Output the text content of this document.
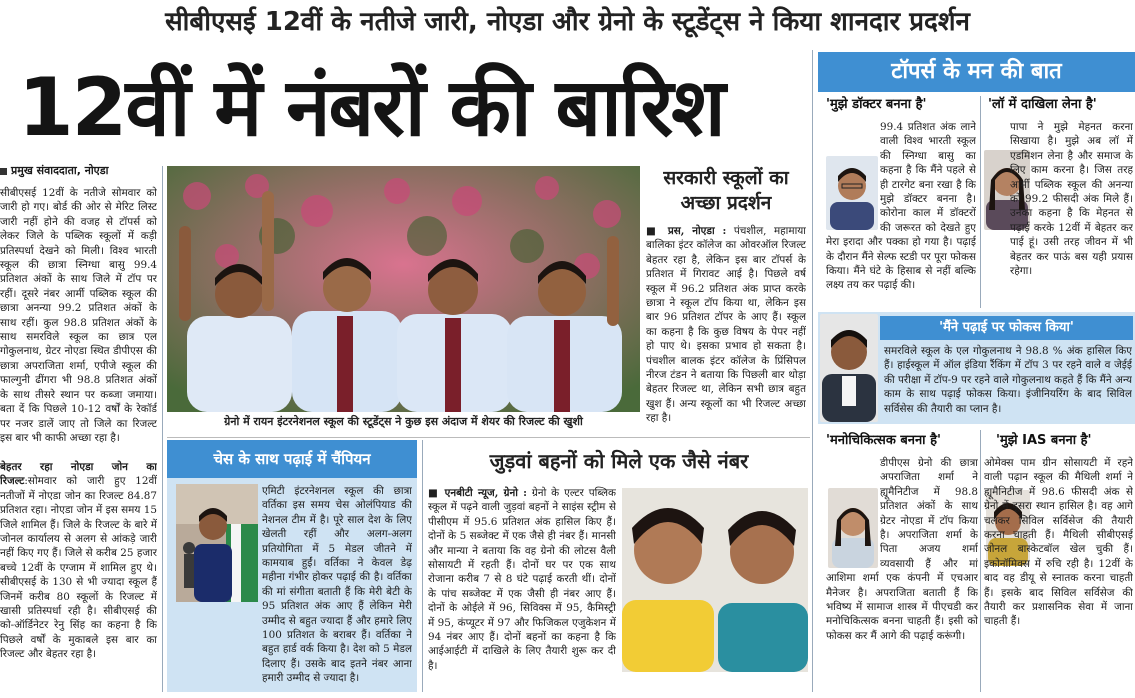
सीबीएसई 12वीं के नतीजे जारी, नोएडा और ग्रेनो के स्टूडेंट्स ने किया शानदार प्रदर्शन
12वीं में नंबरों की बारिश	टॉपर्स के मन की बात
प्रमुख संवाददाता, नोएडा
सीबीएसई 12वीं के नतीजे सोमवार को जारी हो गए। बोर्ड की ओर से मेरिट लिस्ट जारी नहीं होने की वजह से टॉपर्स को लेकर जिले के पब्लिक स्कूलों में कड़ी प्रतिस्पर्धा देखने को मिली। विश्व भारती स्कूल की छात्रा स्निग्धा बासु 99.4 प्रतिशत अंकों के साथ जिले में टॉप पर रहीं। दूसरे नंबर आर्मी पब्लिक स्कूल की छात्रा अनन्या 99.2 प्रतिशत अंकों के साथ रहीं। कुल 98.8 प्रतिशत अंकों के साथ समरविले स्कूल का छात्र एल गोकुलनाथ, ग्रेटर नोएडा स्थित डीपीएस की छात्रा अपराजिता शर्मा, एपीजे स्कूल की फाल्गुनी ढींगरा भी 98.8 प्रतिशत अंकों के साथ तीसरे स्थान पर कब्जा जमाया। बता दें कि पिछले 10-12 वर्षों के रेकॉर्ड पर नजर डालें जाए तो जिले का रिजल्ट इस बार भी काफी अच्छा रहा है।
बेहतर रहा नोएडा जोन का रिजल्ट:सोमवार को जारी हुए 12वीं नतीजों में नोएडा जोन का रिजल्ट 84.87 प्रतिशत रहा। नोएडा जोन में इस समय 15 जिले शामिल हैं। जिले के रिजल्ट के बारे में जोनल कार्यालय से अलग से आंकड़े जारी नहीं किए गए हैं। जिले से करीब 25 हजार बच्चे 12वीं के एग्जाम में शामिल हुए थे। सीबीएसई के 130 से भी ज्यादा स्कूल हैं जिनमें करीब 80 स्कूलों के रिजल्ट में खासी प्रतिस्पर्धा रही है। सीबीएसई की को-ऑर्डिनेटर रेनु सिंह का कहना है कि पिछले वर्षों के मुकाबले इस बार का रिजल्ट और बेहतर रहा है।
ग्रेनो में रायन इंटरनेशनल स्कूल की स्टूडेंट्स ने कुछ इस अंदाज में शेयर की रिजल्ट की खुशी
सरकारी स्कूलों का अच्छा प्रदर्शन
■ प्रस, नोएडा : पंचशील, महामाया बालिका इंटर कॉलेज का ओवरऑल रिजल्ट बेहतर रहा है, लेकिन इस बार टॉपर्स के प्रतिशत में गिरावट आई है। पिछले वर्ष स्कूल में 96.2 प्रतिशत अंक प्राप्त करके छात्रा ने स्कूल टॉप किया था, लेकिन इस बार 96 प्रतिशत टॉपर के आए हैं। स्कूल का कहना है कि कुछ विषय के पेपर नहीं हो पाए थे। इसका प्रभाव हो सकता है। पंचशील बालक इंटर कॉलेज के प्रिंसिपल नीरज टंडन ने बताया कि पिछली बार थोड़ा बेहतर रिजल्ट था, लेकिन सभी छात्र बहुत खुश हैं। अन्य स्कूलों का भी रिजल्ट अच्छा रहा है।
चेस के साथ पढ़ाई में चैंपियन
एमिटी इंटरनेशनल स्कूल की छात्रा वर्तिका इस समय चेस ओलंपियाड की नेशनल टीम में है। पूरे साल देश के लिए खेलती रहीं और अलग-अलग प्रतियोगिता में 5 मेडल जीतने में कामयाब हुईं। वर्तिका ने केवल डेढ़ महीना गंभीर होकर पढ़ाई की है। वर्तिका की मां संगीता बताती हैं कि मेरी बेटी के 95 प्रतिशत अंक आए हैं लेकिन मेरी उम्मीद से बहुत ज्यादा हैं और हमारे लिए 100 प्रतिशत के बराबर हैं। वर्तिका ने बहुत हार्ड वर्क किया है। देश को 5 मेडल दिलाए हैं। उसके बाद इतने नंबर आना हमारी उम्मीद से ज्यादा है।
जुड़वां बहनों को मिले एक जैसे नंबर
■ एनबीटी न्यूज, ग्रेनो : ग्रेनो के एल्टर पब्लिक स्कूल में पढ़ने वाली जुड़वां बहनों ने साइंस स्ट्रीम से पीसीएम में 95.6 प्रतिशत अंक हासिल किए हैं। दोनों के 5 सब्जेक्ट में एक जैसे ही नंबर हैं। मानसी और मान्या ने बताया कि वह ग्रेनो की लोटस वैली सोसायटी में रहती हैं। दोनों घर पर एक साथ रोजाना करीब 7 से 8 घंटे पढ़ाई करती थीं। दोनों के पांच सब्जेक्ट में एक जैसी ही नंबर आए हैं। दोनों के ओईले में 96, सिविक्स में 95, कैमिस्ट्री में 95, कंप्यूटर में 97 और फिजिकल एजुकेशन में 94 नंबर आए हैं। दोनों बहनों का कहना है कि आईआईटी में दाखिले के लिए तैयारी शुरू कर दी है।
'मुझे डॉक्टर बनना है'
99.4 प्रतिशत अंक लाने वाली विश्व भारती स्कूल की स्निग्धा बासु का कहना है कि मैंने पहले से ही टारगेट बना रखा है कि मुझे डॉक्टर बनना है। कोरोना काल में डॉक्टरों की जरूरत को देखते हुए मेरा इरादा और पक्का हो गया है। पढ़ाई के दौरान मैंने सेल्फ स्टडी पर पूरा फोकस किया। मैंने घंटे के हिसाब से नहीं बल्कि लक्ष्य तय कर पढ़ाई की।
'लॉ में दाखिला लेना है'
पापा ने मुझे मेहनत करना सिखाया है। मुझे अब लॉ में एडमिशन लेना है और समाज के लिए काम करना है। जिस तरह आर्मी पब्लिक स्कूल की अनन्या को 99.2 फीसदी अंक मिले हैं। उनका कहना है कि मेहनत से पढ़ाई करके 12वीं में बेहतर कर पाई हूं। उसी तरह जीवन में भी बेहतर कर पाऊं बस यही प्रयास रहेगा।
'मैंने पढ़ाई पर फोकस किया'
समरविले स्कूल के एल गोकुलनाथ ने 98.8 % अंक हासिल किए हैं। हाईस्कूल में ऑल इंडिया रैंकिंग में टॉप 3 पर रहने वाले व जेईई की परीक्षा में टॉप-9 पर रहने वाले गोकुलनाथ कहते हैं कि मैंने अन्य काम के साथ पढ़ाई फोकस किया। इंजीनियरिंग के बाद सिविल सर्विसेस की तैयारी का प्लान है।
'मनोचिकित्सक बनना है'
डीपीएस ग्रेनो की छात्रा अपराजिता शर्मा ने ह्यूमैनिटीज में 98.8 प्रतिशत अंकों के साथ ग्रेटर नोएडा में टॉप किया है। अपराजिता शर्मा के पिता अजय शर्मा व्यवसायी हैं और मां आशिमा शर्मा एक कंपनी में एचआर मैनेजर है। अपराजिता बताती हैं कि भविष्य में सामाज शास्त्र में पीएचडी कर मनोचिकित्सक बनना चाहती हैं। इसी को फोकस कर मैं आगे की पढ़ाई करूंगी।
'मुझे IAS बनना है'
ओमेक्स पाम ग्रीन सोसायटी में रहने वाली पढ़ान स्कूल की मैथिली शर्मा ने ह्यूमैनिटीज में 98.6 फीसदी अंक से ग्रेनो में दूसरा स्थान हासिल है। वह आगे चलकर सिविल सर्विसेज की तैयारी करना चाहती हैं। मैथिली सीबीएसई जोनल बास्केटबॉल खेल चुकी हैं। इकोनॉमिक्स में रुचि रही है। 12वीं के बाद वह डीयू से स्नातक करना चाहती हैं। इसके बाद सिविल सर्विसेज की तैयारी कर प्रशासनिक सेवा में जाना चाहती हैं।
